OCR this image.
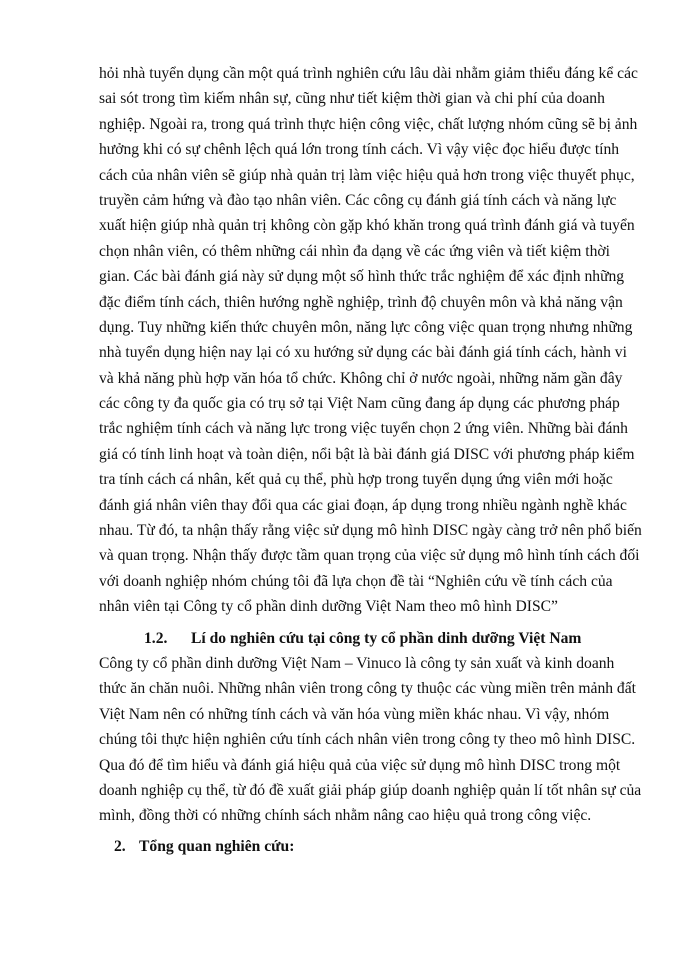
hỏi nhà tuyển dụng cần một quá trình nghiên cứu lâu dài nhằm giảm thiểu đáng kể các
sai sót trong tìm kiếm nhân sự, cũng như tiết kiệm thời gian và chi phí của doanh
nghiệp. Ngoài ra, trong quá trình thực hiện công việc, chất lượng nhóm cũng sẽ bị ảnh
hưởng khi có sự chênh lệch quá lớn trong tính cách. Vì vậy việc đọc hiểu được tính
cách của nhân viên sẽ giúp nhà quản trị làm việc hiệu quả hơn trong việc thuyết phục,
truyền cảm hứng và đào tạo nhân viên. Các công cụ đánh giá tính cách và năng lực
xuất hiện giúp nhà quản trị không còn gặp khó khăn trong quá trình đánh giá và tuyển
chọn nhân viên, có thêm những cái nhìn đa dạng về các ứng viên và tiết kiệm thời
gian. Các bài đánh giá này sử dụng một số hình thức trắc nghiệm để xác định những
đặc điểm tính cách, thiên hướng nghề nghiệp, trình độ chuyên môn và khả năng vận
dụng. Tuy những kiến thức chuyên môn, năng lực công việc quan trọng nhưng những
nhà tuyển dụng hiện nay lại có xu hướng sử dụng các bài đánh giá tính cách, hành vi
và khả năng phù hợp văn hóa tổ chức. Không chỉ ở nước ngoài, những năm gần đây
các công ty đa quốc gia có trụ sở tại Việt Nam cũng đang áp dụng các phương pháp
trắc nghiệm tính cách và năng lực trong việc tuyển chọn 2 ứng viên. Những bài đánh
giá có tính linh hoạt và toàn diện, nổi bật là bài đánh giá DISC với phương pháp kiểm
tra tính cách cá nhân, kết quả cụ thể, phù hợp trong tuyển dụng ứng viên mới hoặc
đánh giá nhân viên thay đổi qua các giai đoạn, áp dụng trong nhiều ngành nghề khác
nhau. Từ đó, ta nhận thấy rằng việc sử dụng mô hình DISC ngày càng trở nên phổ biến
và quan trọng. Nhận thấy được tầm quan trọng của việc sử dụng mô hình tính cách đối
với doanh nghiệp nhóm chúng tôi đã lựa chọn đề tài “Nghiên cứu về tính cách của
nhân viên tại Công ty cổ phần dinh dưỡng Việt Nam theo mô hình DISC”
1.2. Lí do nghiên cứu tại công ty cổ phần dinh dưỡng Việt Nam
Công ty cổ phần dinh dưỡng Việt Nam – Vinuco là công ty sản xuất và kinh doanh
thức ăn chăn nuôi. Những nhân viên trong công ty thuộc các vùng miền trên mảnh đất
Việt Nam nên có những tính cách và văn hóa vùng miền khác nhau. Vì vậy, nhóm
chúng tôi thực hiện nghiên cứu tính cách nhân viên trong công ty theo mô hình DISC.
Qua đó để tìm hiểu và đánh giá hiệu quả của việc sử dụng mô hình DISC trong một
doanh nghiệp cụ thể, từ đó đề xuất giải pháp giúp doanh nghiệp quản lí tốt nhân sự của
mình, đồng thời có những chính sách nhằm nâng cao hiệu quả trong công việc.
2. Tổng quan nghiên cứu:
